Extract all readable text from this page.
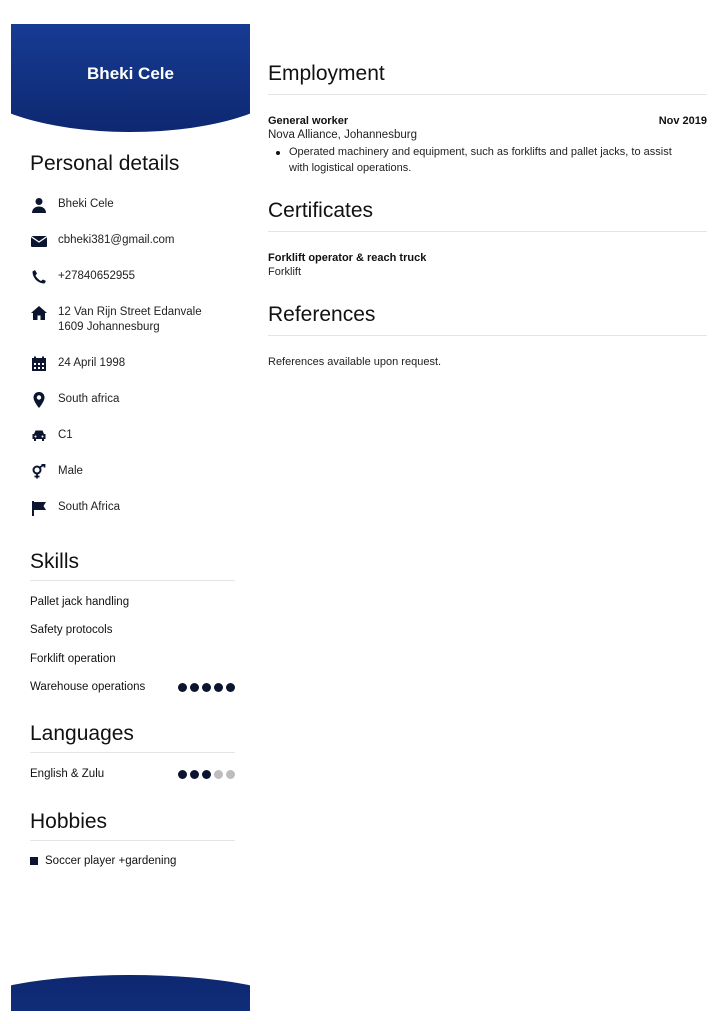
Bheki Cele
Personal details
Bheki Cele
cbheki381@gmail.com
+27840652955
12 Van Rijn Street Edanvale
1609 Johannesburg
24 April 1998
South africa
C1
Male
South Africa
Skills
Pallet jack handling
Safety protocols
Forklift operation
Warehouse operations
Languages
English & Zulu
Hobbies
Soccer player +gardening
Employment
General worker	Nov 2019
Nova Alliance, Johannesburg
Operated machinery and equipment, such as forklifts and pallet jacks, to assist with logistical operations.
Certificates
Forklift operator & reach truck
Forklift
References
References available upon request.
